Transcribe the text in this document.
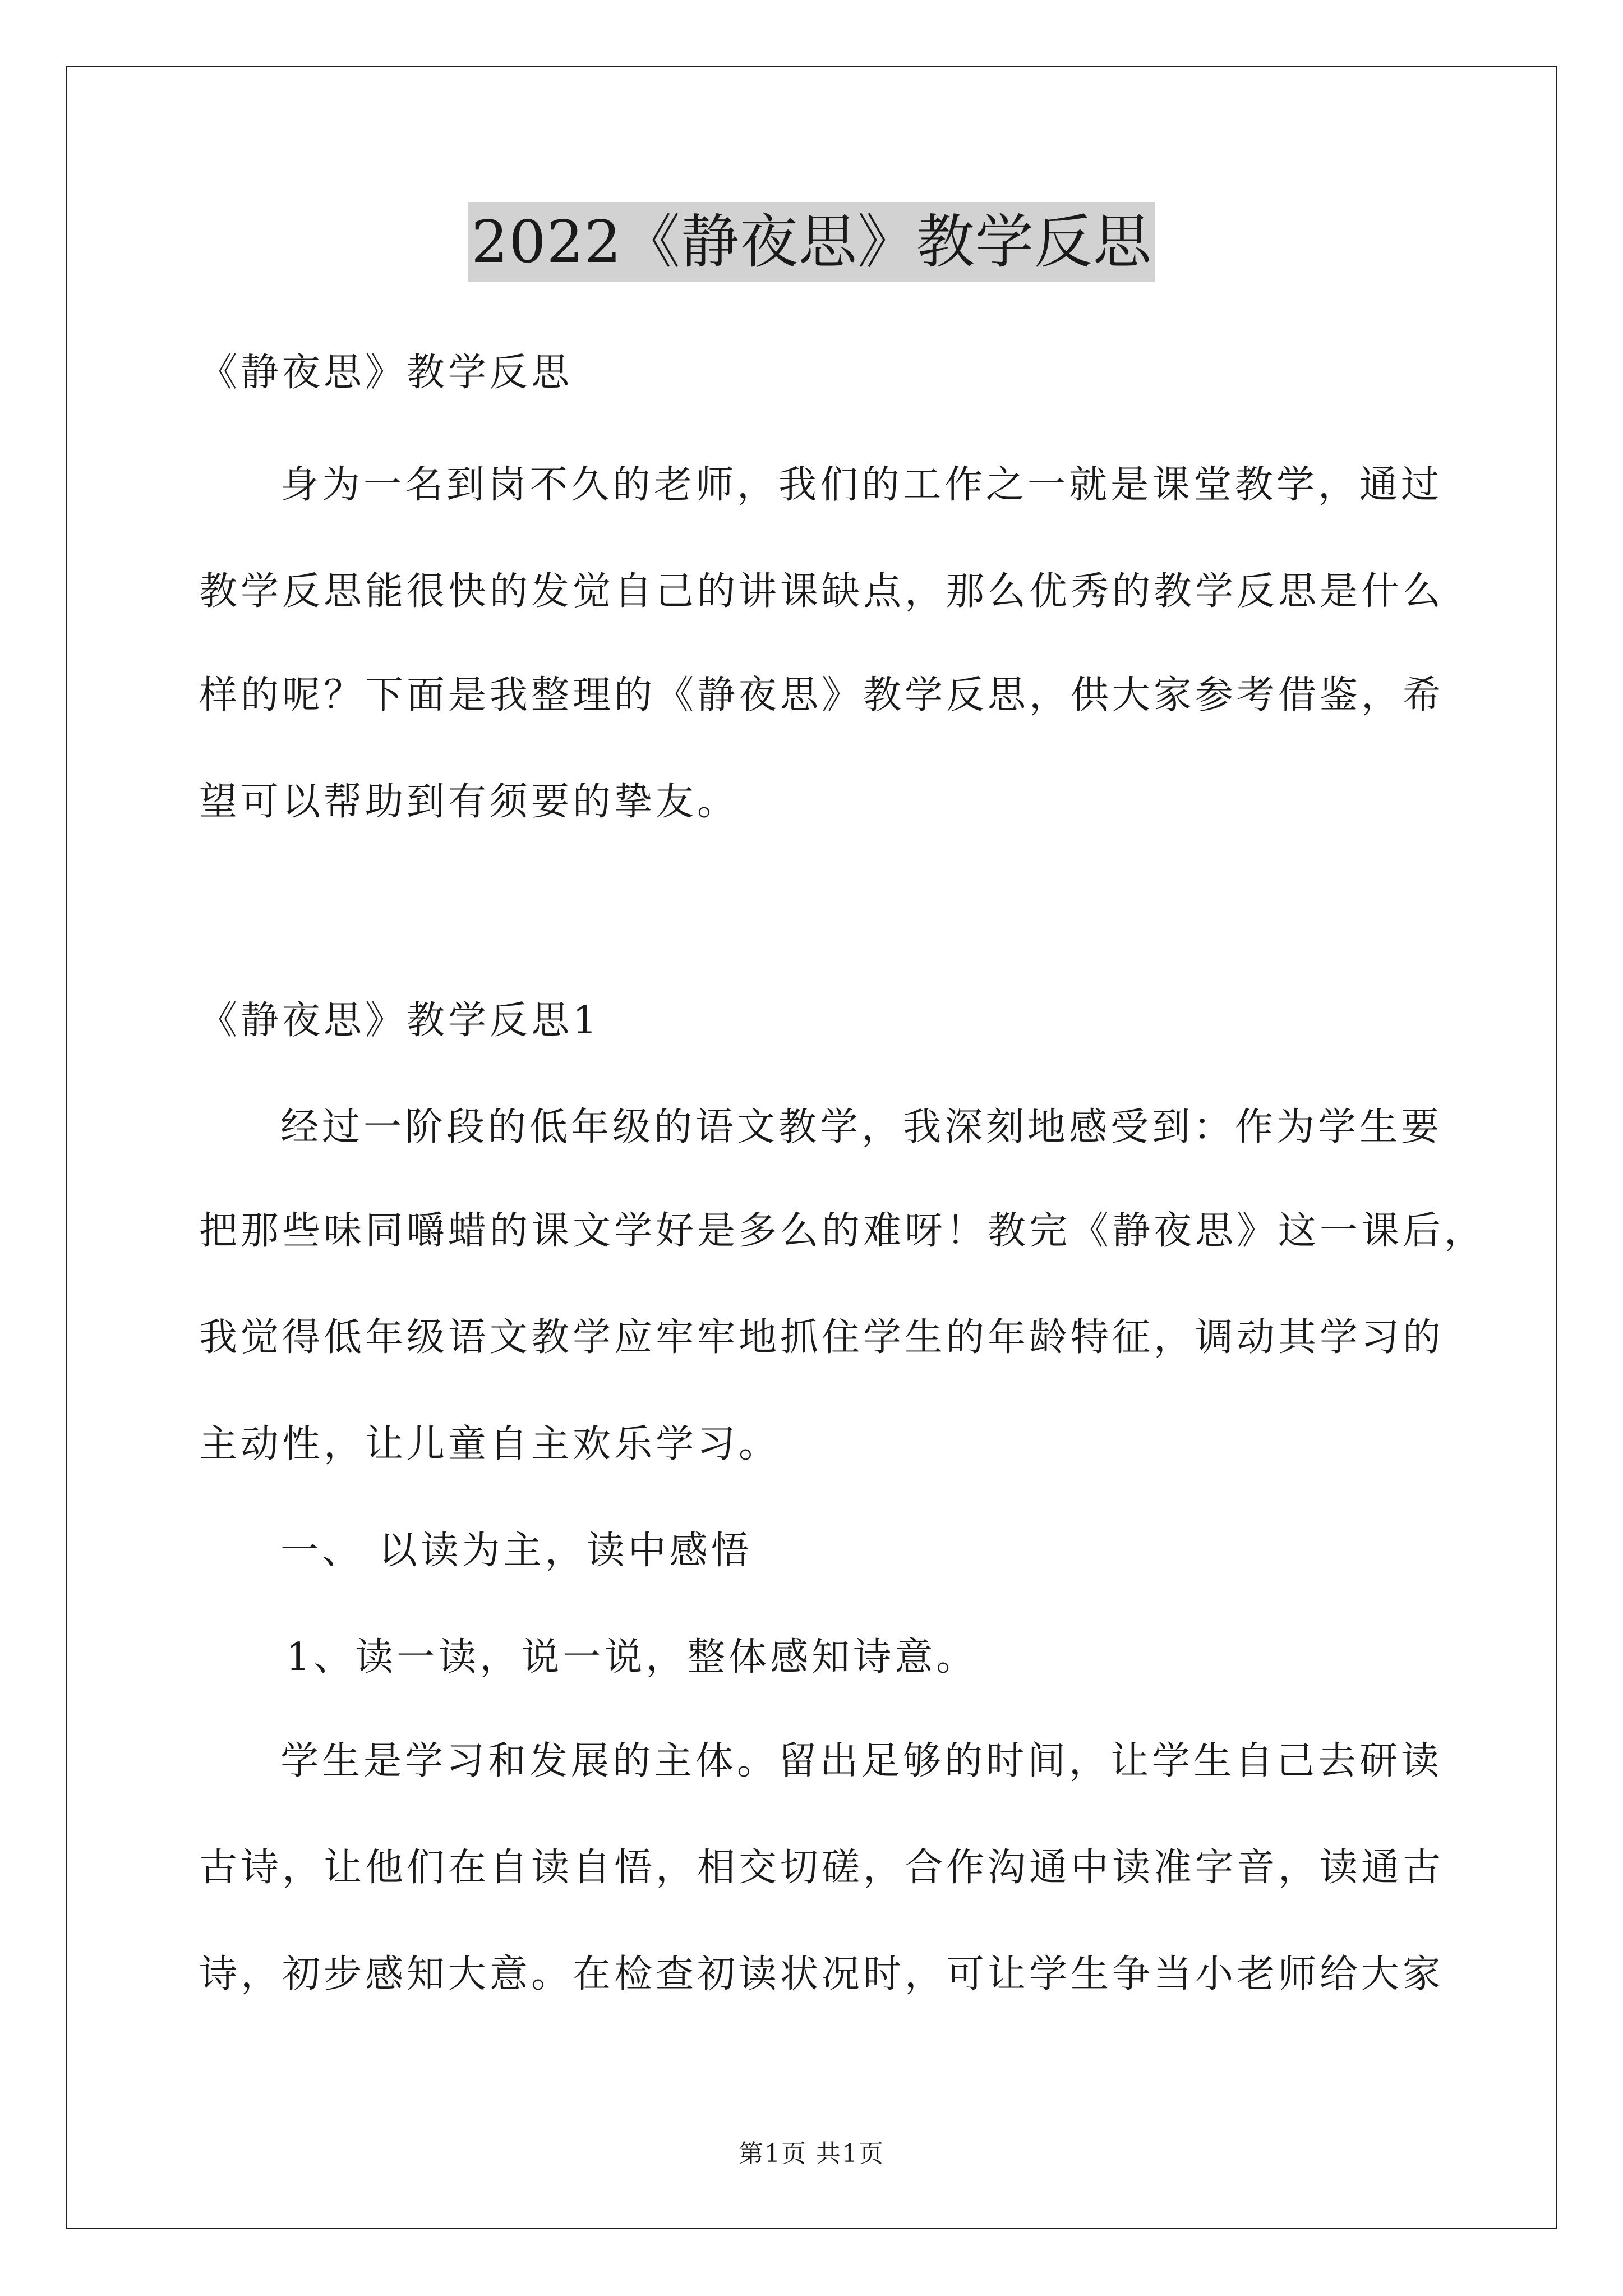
2022《静夜思》教学反思
《静夜思》教学反思
身为一名到岗不久的老师，我们的工作之一就是课堂教学，通过
教学反思能很快的发觉自己的讲课缺点，那么优秀的教学反思是什么
样的呢？下面是我整理的《静夜思》教学反思，供大家参考借鉴，希
望可以帮助到有须要的挚友。
《静夜思》教学反思1
经过一阶段的低年级的语文教学，我深刻地感受到：作为学生要
把那些味同嚼蜡的课文学好是多么的难呀！教完《静夜思》这一课后，
我觉得低年级语文教学应牢牢地抓住学生的年龄特征，调动其学习的
主动性，让儿童自主欢乐学习。
一、 以读为主，读中感悟
1、读一读，说一说，整体感知诗意。
学生是学习和发展的主体。留出足够的时间，让学生自己去研读
古诗，让他们在自读自悟，相交切磋，合作沟通中读准字音，读通古
诗，初步感知大意。在检查初读状况时，可让学生争当小老师给大家
第1页 共1页
